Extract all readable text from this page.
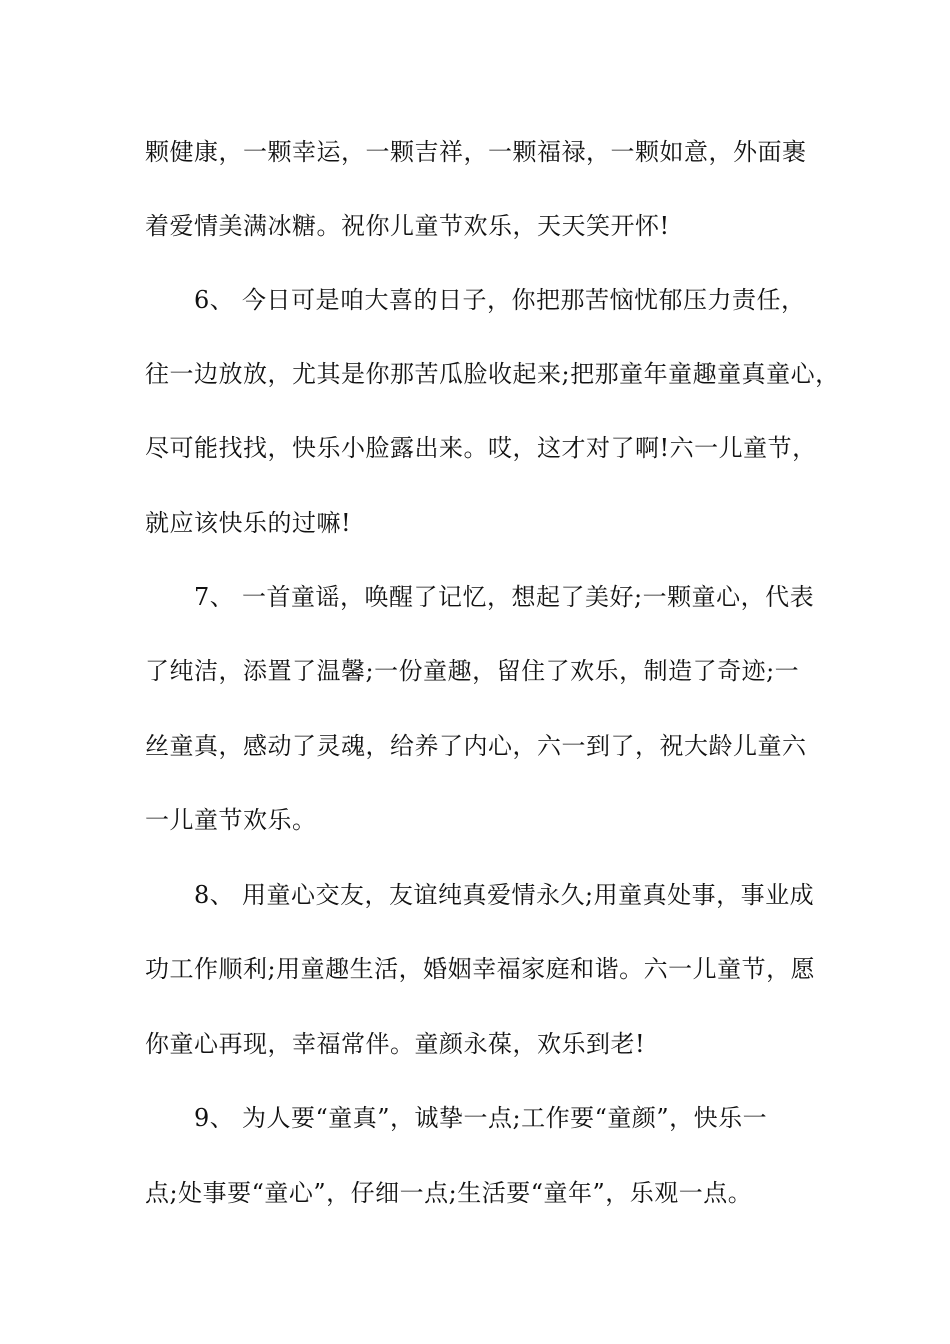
颗健康，一颗幸运，一颗吉祥，一颗福禄，一颗如意，外面裹
着爱情美满冰糖。祝你儿童节欢乐，天天笑开怀!
6、 今日可是咱大喜的日子，你把那苦恼忧郁压力责任，
往一边放放，尤其是你那苦瓜脸收起来;把那童年童趣童真童心，
尽可能找找，快乐小脸露出来。哎，这才对了啊!六一儿童节，
就应该快乐的过嘛!
7、 一首童谣，唤醒了记忆，想起了美好;一颗童心，代表
了纯洁，添置了温馨;一份童趣，留住了欢乐，制造了奇迹;一
丝童真，感动了灵魂，给养了内心，六一到了，祝大龄儿童六
一儿童节欢乐。
8、 用童心交友，友谊纯真爱情永久;用童真处事，事业成
功工作顺利;用童趣生活，婚姻幸福家庭和谐。六一儿童节，愿
你童心再现，幸福常伴。童颜永葆，欢乐到老!
9、 为人要“童真”，诚挚一点;工作要“童颜”，快乐一
点;处事要“童心”，仔细一点;生活要“童年”，乐观一点。
